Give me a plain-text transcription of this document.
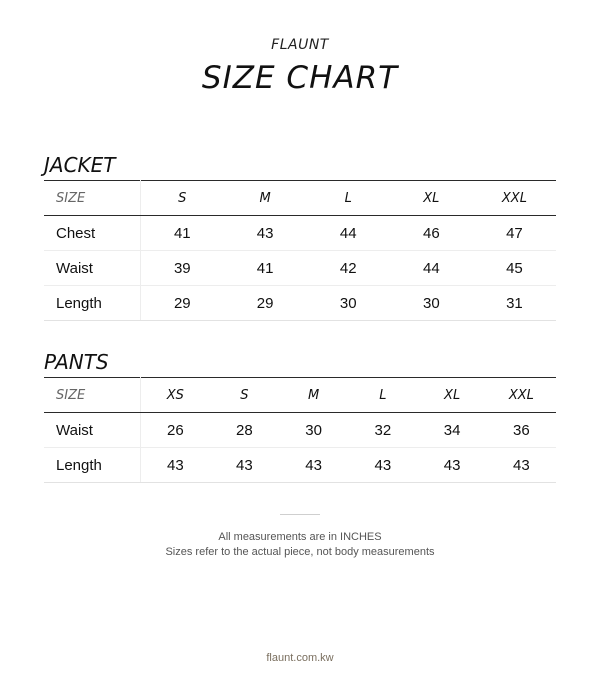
FLAUNT
SIZE CHART
JACKET
SIZE	S	M	L	XL	XXL
Chest	41	43	44	46	47
Waist	39	41	42	44	45
Length	29	29	30	30	31
PANTS
SIZE	XS	S	M	L	XL	XXL
Waist	26	28	30	32	34	36
Length	43	43	43	43	43	43
All measurements are in INCHES
Sizes refer to the actual piece, not body measurements
flaunt.com.kw
